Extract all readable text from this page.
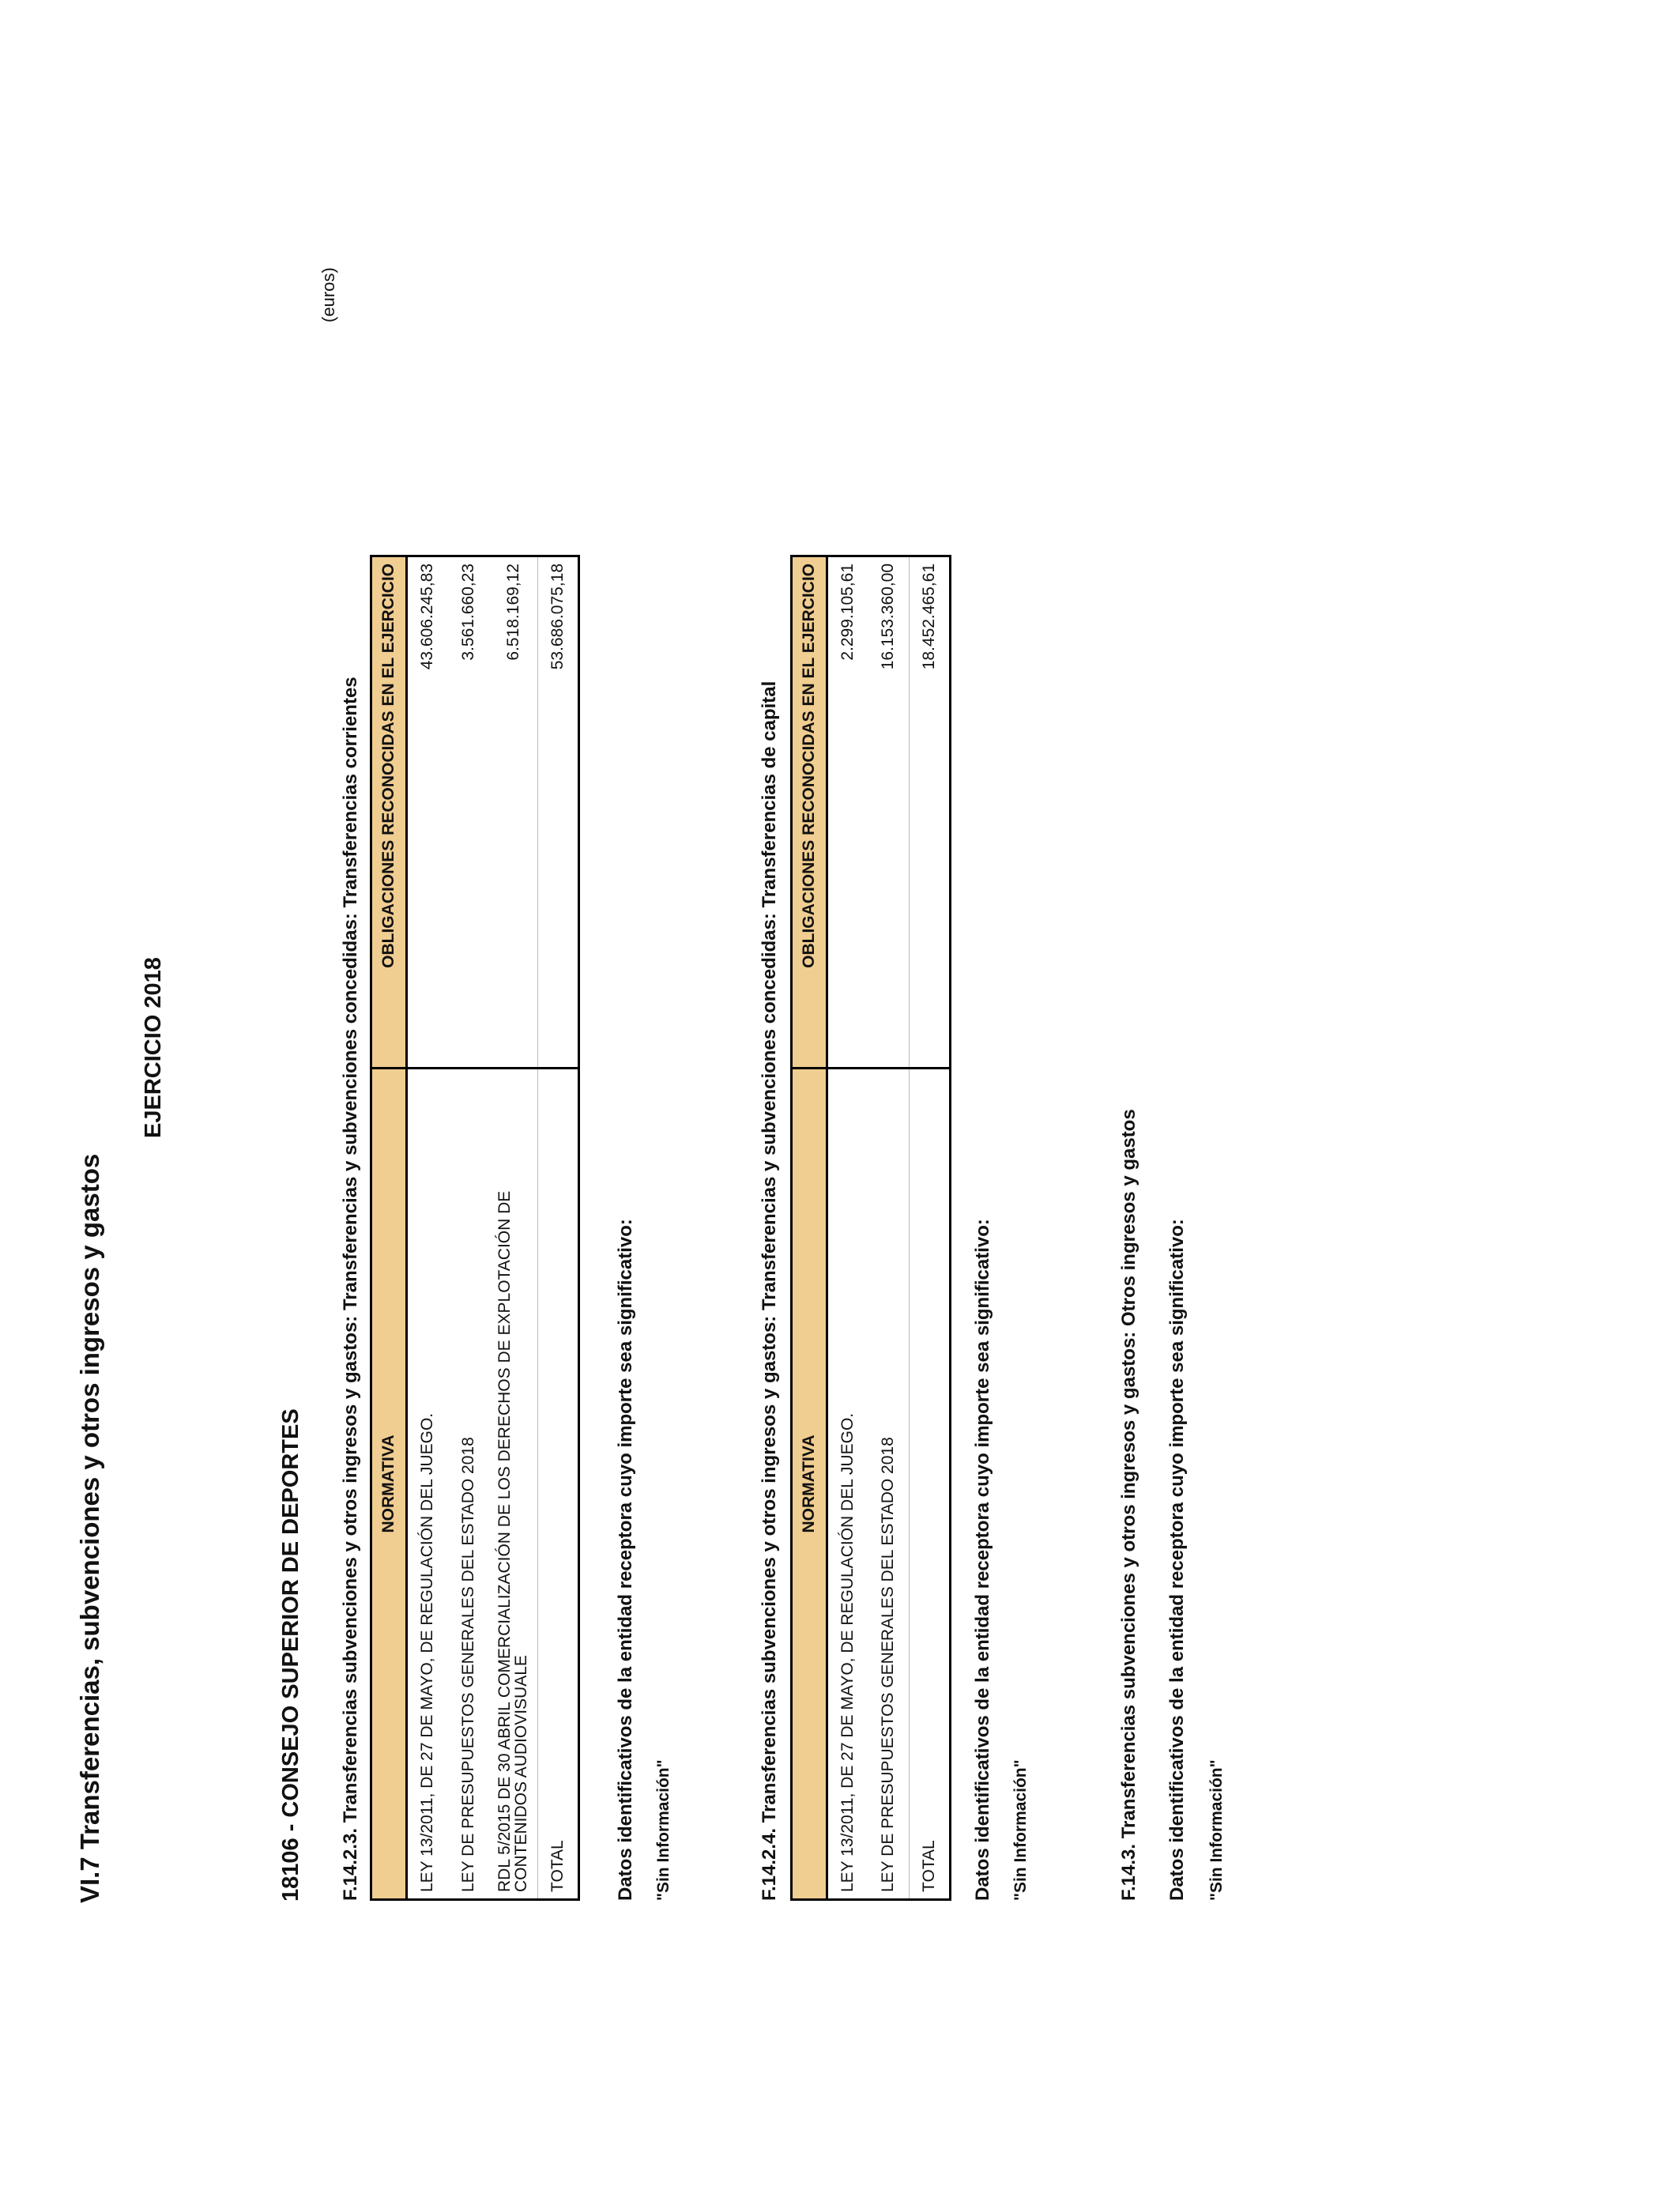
VI.7 Transferencias, subvenciones y otros ingresos y gastos
EJERCICIO 2018
18106 - CONSEJO SUPERIOR DE DEPORTES
(euros)
F.14.2.3. Transferencias subvenciones y otros ingresos y gastos: Transferencias y subvenciones concedidas: Transferencias corrientes NORMATIVA	OBLIGACIONES RECONOCIDAS EN EL EJERCICIO
LEY 13/2011, DE 27 DE MAYO, DE REGULACIÓN DEL JUEGO.	43.606.245,83
LEY DE PRESUPUESTOS GENERALES DEL ESTADO 2018	3.561.660,23
RDL 5/2015 DE 30 ABRIL COMERCIALIZACIÓN DE LOS DERECHOS DE EXPLOTACIÓN DE CONTENIDOS AUDIOVISUALE	6.518.169,12
TOTAL	53.686.075,18
Datos identificativos de la entidad receptora cuyo importe sea significativo: "Sin Información"	F.14.2.4. Transferencias subvenciones y otros ingresos y gastos: Transferencias y subvenciones concedidas: Transferencias de capital NORMATIVA	OBLIGACIONES RECONOCIDAS EN EL EJERCICIO
LEY 13/2011, DE 27 DE MAYO, DE REGULACIÓN DEL JUEGO.	2.299.105,61
LEY DE PRESUPUESTOS GENERALES DEL ESTADO 2018	16.153.360,00
TOTAL	18.452.465,61
Datos identificativos de la entidad receptora cuyo importe sea significativo: "Sin Información"	F.14.3. Transferencias subvenciones y otros ingresos y gastos: Otros ingresos y gastos Datos identificativos de la entidad receptora cuyo importe sea significativo: "Sin Información"
